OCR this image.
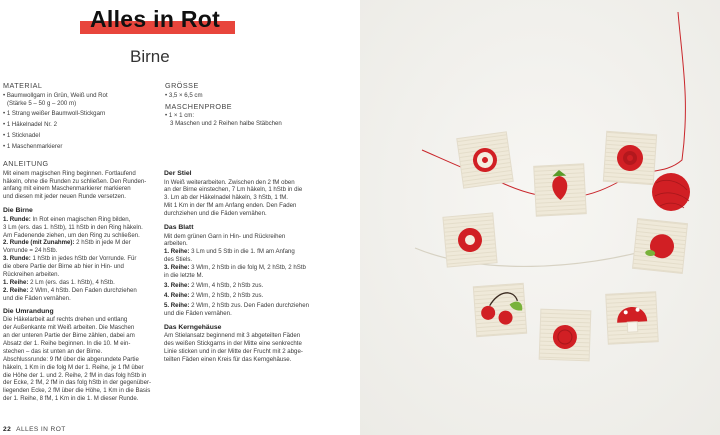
Alles in Rot
Birne
MATERIAL
• Baumwollgarn in Grün, Weiß und Rot
(Stärke 5 – 50 g – 200 m)
• 1 Strang weißer Baumwoll-Stickgarn
• 1 Häkelnadel Nr. 2
• 1 Sticknadel
• 1 Maschenmarkierer
GRÖSSE
• 3,5 × 6,5 cm
MASCHENPROBE
• 1 × 1 cm:
3 Maschen und 2 Reihen halbe Stäbchen
ANLEITUNG
Mit einem magischen Ring beginnen. Fortlaufend
häkeln, ohne die Runden zu schließen. Den Runden-
anfang mit einem Maschenmarkierer markieren
und diesen mit jeder neuen Runde versetzen.
Die Birne
1. Runde: In Rot einen magischen Ring bilden,
3 Lm (ers. das 1. hStb), 11 hStb in den Ring häkeln.
Am Fadenende ziehen, um den Ring zu schließen.
2. Runde (mit Zunahme): 2 hStb in jede M der
Vorrunde = 24 hStb.
3. Runde: 1 hStb in jedes hStb der Vorrunde. Für
die obere Partie der Birne ab hier in Hin- und
Rückreihen arbeiten.
1. Reihe: 2 Lm (ers. das 1. hStb), 4 hStb.
2. Reihe: 2 Wlm, 4 hStb. Den Faden durchziehen
und die Fäden vernähen.
Die Umrandung
Die Häkelarbeit auf rechts drehen und entlang
der Außenkante mit Weiß arbeiten. Die Maschen
an der unteren Partie der Birne zählen, dabei am
Absatz der 1. Reihe beginnen. In die 10. M ein-
stechen – das ist unten an der Birne.
Abschlussrunde: 9 fM über die abgerundete Partie
häkeln, 1 Km in die folg M der 1. Reihe, je 1 fM über
die Höhe der 1. und 2. Reihe, 2 fM in das folg hStb in
der Ecke, 2 fM, 2 fM in das folg hStb in der gegenüber-
liegenden Ecke, 2 fM über die Höhe, 1 Km in die Basis
der 1. Reihe, 8 fM, 1 Km in die 1. M dieser Runde.
Der Stiel
In Weiß weiterarbeiten. Zwischen den 2 fM oben
an der Birne einstechen, 7 Lm häkeln, 1 hStb in die
3. Lm ab der Häkelnadel häkeln, 3 hStb, 1 fM.
Mit 1 Km in der fM am Anfang enden. Den Faden
durchziehen und die Fäden vernähen.
Das Blatt
Mit dem grünen Garn in Hin- und Rückreihen
arbeiten.
1. Reihe: 3 Lm und 5 Stb in die 1. fM am Anfang
des Stiels.
3. Reihe: 3 Wlm, 2 hStb in die folg M, 2 hStb, 2 hStb
in die letzte M.
3. Reihe: 2 Wlm, 4 hStb, 2 hStb zus.
4. Reihe: 2 Wlm, 2 hStb, 2 hStb zus.
5. Reihe: 2 Wlm, 2 hStb zus. Den Faden durchziehen
und die Fäden vernähen.
Das Kerngehäuse
Am Stielansatz beginnend mit 3 abgeteilten Fäden
des weißen Stickgarns in der Mitte eine senkrechte
Linie sticken und in der Mitte der Frucht mit 2 abge-
teilten Fäden einen Kreis für das Kerngehäuse.
22 ALLES IN ROT
